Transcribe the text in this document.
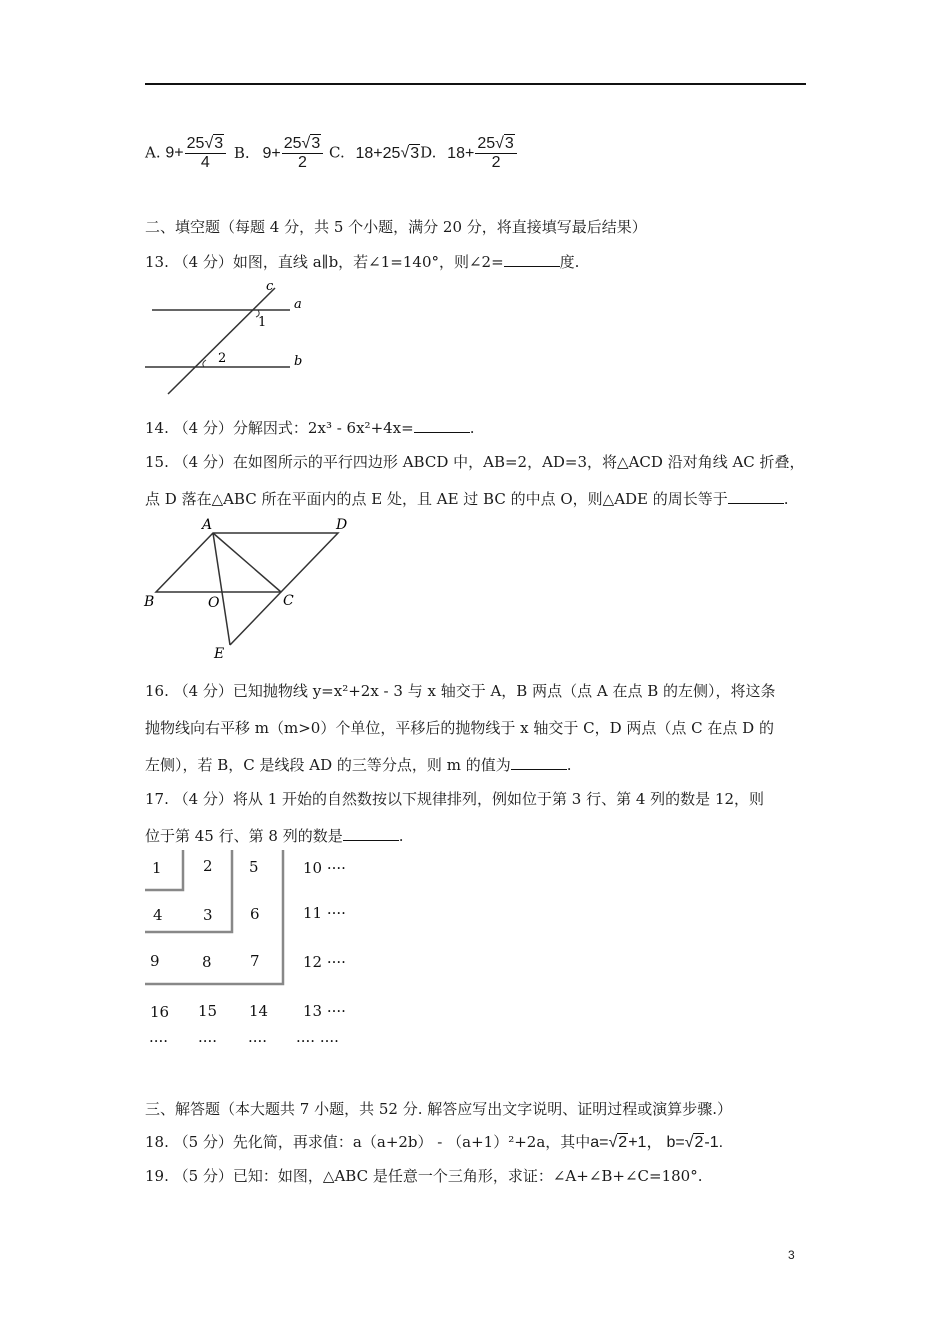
A. $9+ \frac{25√3}{4} B$. $9+ \frac{25√3}{2} C$. 18+25√3D. $18+ \frac{25√3}{2}$
二、填空题（每题 4 分，共 5 个小题，满分 20 分，将直接填写最后结果）
13. （4 分）如图，直线 a∥b，若∠1=140°，则∠2=	度.
c
a
b
1
2
14. （4 分）分解因式：2x³ - 6x²+4x=	.
15. （4 分）在如图所示的平行四边形 ABCD 中，AB=2，AD=3，将△ACD 沿对角线 AC 折叠，
点 D 落在△ABC 所在平面内的点 E 处，且 AE 过 BC 的中点 O，则△ADE 的周长等于	.
A	D
B	O	C
E
16. （4 分）已知抛物线 y=x²+2x - 3 与 x 轴交于 A，B 两点（点 A 在点 B 的左侧），将这条
抛物线向右平移 m（m>0）个单位，平移后的抛物线于 x 轴交于 C，D 两点（点 C 在点 D 的
左侧），若 B，C 是线段 AD 的三等分点，则 m 的值为	.
17. （4 分）将从 1 开始的自然数按以下规律排列，例如位于第 3 行、第 4 列的数是 12，则
位于第 45 行、第 8 列的数是	.
1	2 5	10 ····
4	3 6	11 ····
9	8	7	12 ····
16 15 14 13 ····
···· ···· ···· ···· ····
三、解答题（本大题共 7 小题，共 52 分. 解答应写出文字说明、证明过程或演算步骤.）
18. （5 分）先化简，再求值：a（a+2b） - （a+1）²+2a，其中a=√2+1， b=√2-1.
19. （5 分）已知：如图，△ABC 是任意一个三角形，求证：∠A+∠B+∠C=180°.
3
